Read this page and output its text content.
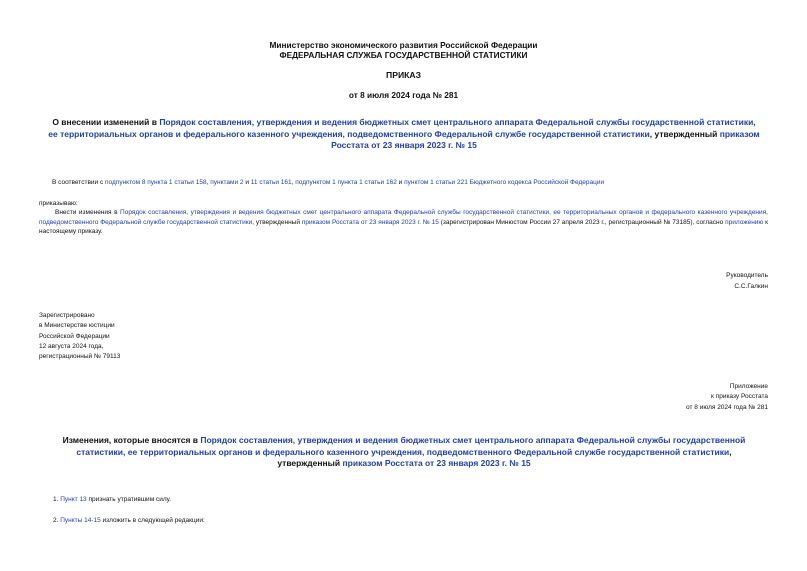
Министерство экономического развития Российской Федерации
ФЕДЕРАЛЬНАЯ СЛУЖБА ГОСУДАРСТВЕННОЙ СТАТИСТИКИ
ПРИКАЗ
от 8 июля 2024 года № 281
О внесении изменений в Порядок составления, утверждения и ведения бюджетных смет центрального аппарата Федеральной службы государственной статистики, ее территориальных органов и федерального казенного учреждения, подведомственного Федеральной службе государственной статистики, утвержденный приказом Росстата от 23 января 2023 г. № 15
В соответствии с подпунктом 8 пункта 1 статьи 158, пунктами 2 и 11 статьи 161, подпунктом 1 пункта 1 статьи 162 и пунктом 1 статьи 221 Бюджетного кодекса Российской Федерации
приказываю:
Внести изменения в Порядок составления, утверждения и ведения бюджетных смет центрального аппарата Федеральной службы государственной статистики, ее территориальных органов и федерального казенного учреждения, подведомственного Федеральной службе государственной статистики, утвержденный приказом Росстата от 23 января 2023 г. № 15 (зарегистрирован Минюстом России 27 апреля 2023 г., регистрационный № 73185), согласно приложению к настоящему приказу.
Руководитель
С.С.Галкин
Зарегистрировано
в Министерстве юстиции
Российской Федерации
12 августа 2024 года,
регистрационный № 79113
Приложение
к приказу Росстата
от 8 июля 2024 года № 281
Изменения, которые вносятся в Порядок составления, утверждения и ведения бюджетных смет центрального аппарата Федеральной службы государственной статистики, ее территориальных органов и федерального казенного учреждения, подведомственного Федеральной службе государственной статистики, утвержденный приказом Росстата от 23 января 2023 г. № 15
1. Пункт 13 признать утратившим силу.
2. Пункты 14-15 изложить в следующей редакции:
